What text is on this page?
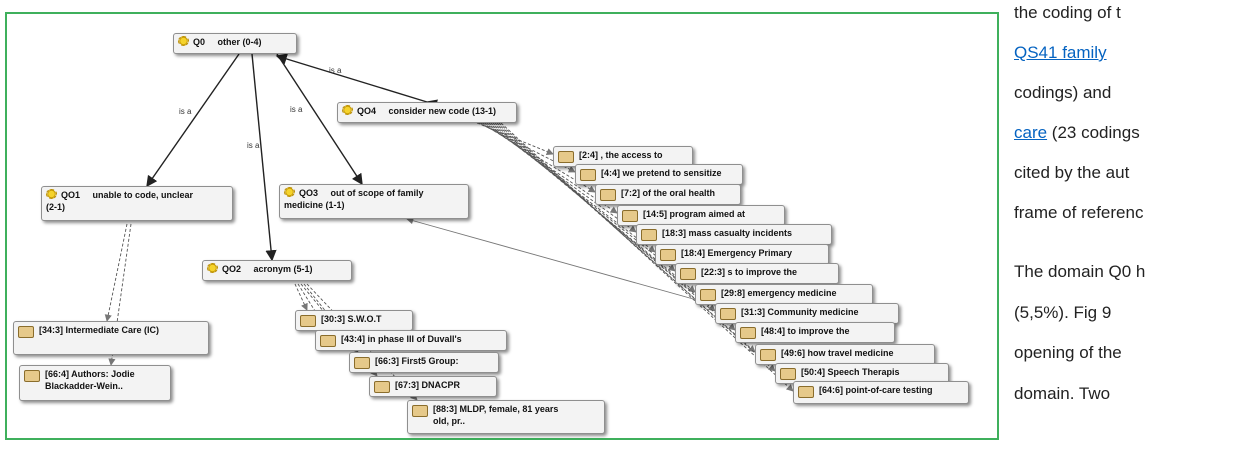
Q0     other (0-4)
QO4     consider new code (13-1)
QO1     unable to code, unclear
(2-1)
QO3     out of scope of family
medicine (1-1)
QO2     acronym (5-1)
is a
is a	is a
is a
[2:4] , the access to
[4:4] we pretend to sensitize
[7:2] of the oral health
[14:5] program aimed at
[18:3] mass casualty incidents
[18:4] Emergency Primary
[22:3] s to improve the
[29:8] emergency medicine
[31:3] Community medicine
[48:4] to improve the
[49:6] how travel medicine
[50:4] Speech Therapis
[64:6] point-of-care testing
[30:3] S.W.O.T
[43:4] in phase III of Duvall's
[66:3] First5 Group:
[67:3] DNACPR
[88:3] MLDP, female, 81 years
old, pr..
[34:3] Intermediate Care (IC)
[66:4] Authors: Jodie
Blackadder-Wein..
the coding of t
QS41 family
codings) and
care (23 codings
cited by the aut
frame of referenc
The domain Q0 h
(5,5%). Fig 9
opening of the
domain. Two
